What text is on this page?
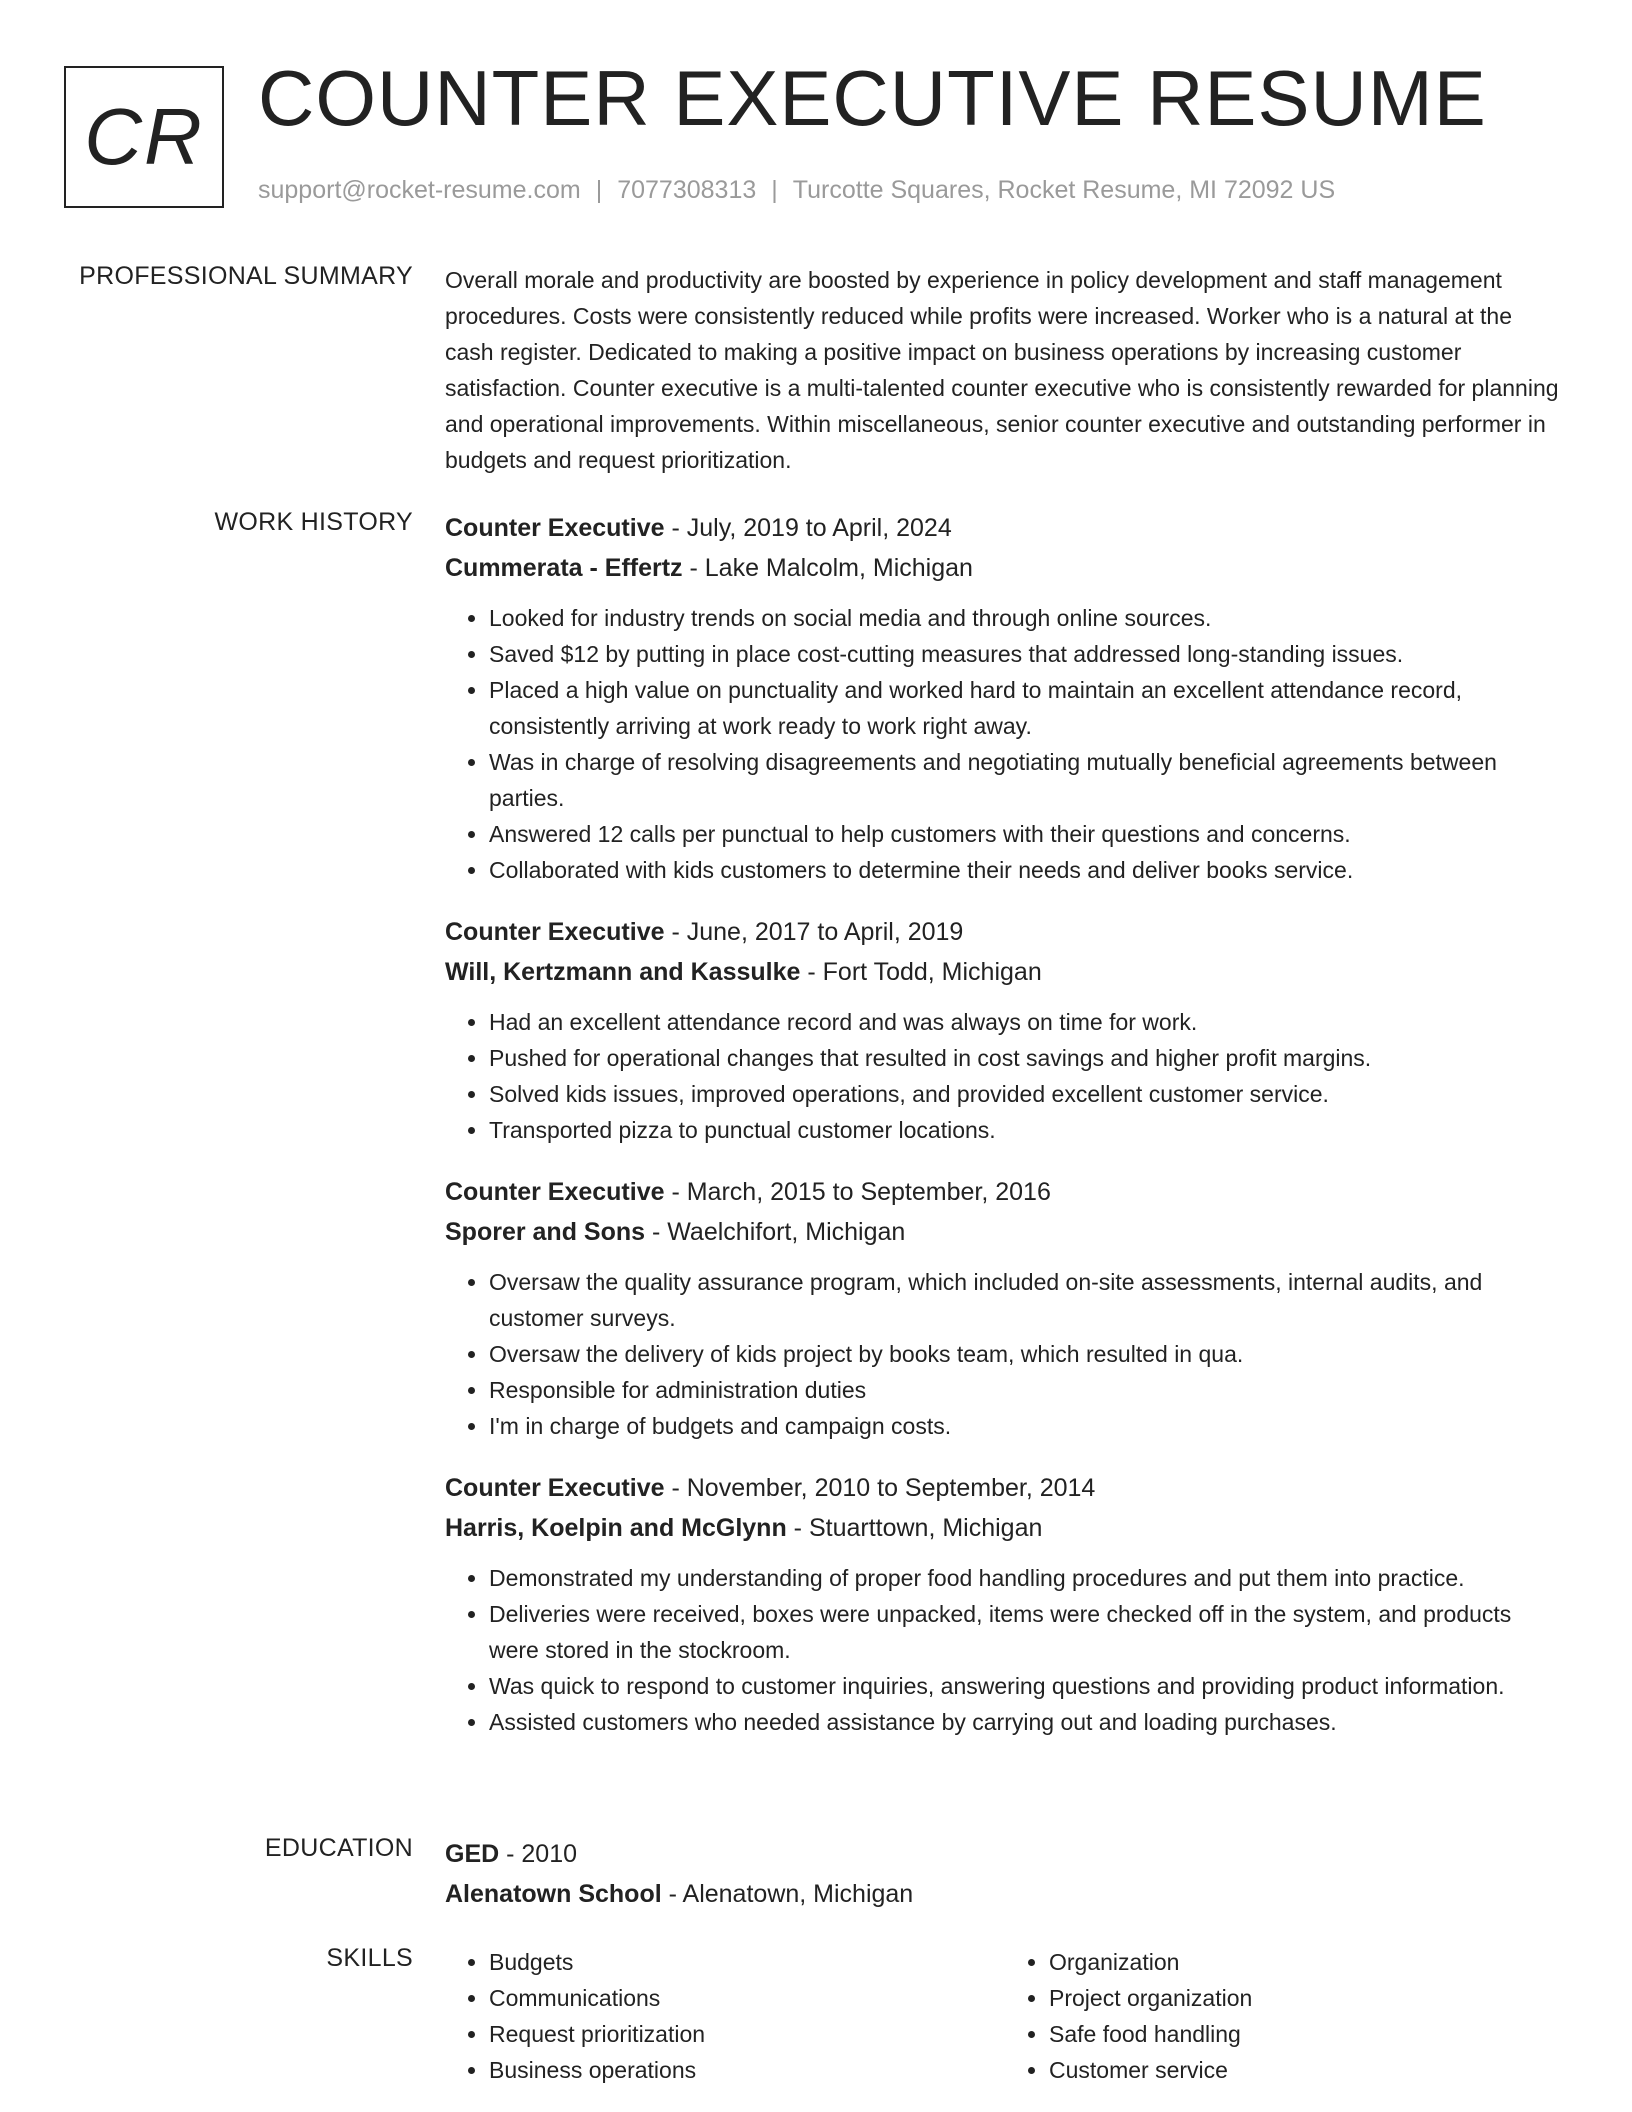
CR COUNTER EXECUTIVE RESUME
support@rocket-resume.com | 7077308313 | Turcotte Squares, Rocket Resume, MI 72092 US
PROFESSIONAL SUMMARY Overall morale and productivity are boosted by experience in policy development and staff management procedures. Costs were consistently reduced while profits were increased. Worker who is a natural at the cash register. Dedicated to making a positive impact on business operations by increasing customer satisfaction. Counter executive is a multi-talented counter executive who is consistently rewarded for planning and operational improvements. Within miscellaneous, senior counter executive and outstanding performer in budgets and request prioritization.

WORK HISTORY Counter Executive - July, 2019 to April, 2024
Cummerata - Effertz - Lake Malcolm, Michigan
• Looked for industry trends on social media and through online sources.
• Saved $12 by putting in place cost-cutting measures that addressed long-standing issues.
• Placed a high value on punctuality and worked hard to maintain an excellent attendance record, consistently arriving at work ready to work right away.
• Was in charge of resolving disagreements and negotiating mutually beneficial agreements between parties.
• Answered 12 calls per punctual to help customers with their questions and concerns.
• Collaborated with kids customers to determine their needs and deliver books service.
Counter Executive - June, 2017 to April, 2019
Will, Kertzmann and Kassulke - Fort Todd, Michigan
• Had an excellent attendance record and was always on time for work.
• Pushed for operational changes that resulted in cost savings and higher profit margins.
• Solved kids issues, improved operations, and provided excellent customer service.
• Transported pizza to punctual customer locations.
Counter Executive - March, 2015 to September, 2016
Sporer and Sons - Waelchifort, Michigan
• Oversaw the quality assurance program, which included on-site assessments, internal audits, and customer surveys.
• Oversaw the delivery of kids project by books team, which resulted in qua.
• Responsible for administration duties
• I'm in charge of budgets and campaign costs.
Counter Executive - November, 2010 to September, 2014
Harris, Koelpin and McGlynn - Stuarttown, Michigan
• Demonstrated my understanding of proper food handling procedures and put them into practice.
• Deliveries were received, boxes were unpacked, items were checked off in the system, and products were stored in the stockroom.
• Was quick to respond to customer inquiries, answering questions and providing product information.
• Assisted customers who needed assistance by carrying out and loading purchases.
EDUCATION GED - 2010
Alenatown School - Alenatown, Michigan
SKILLS
•	Budgets
• Communications
• Request prioritization
• Business operations
• Organization
• Project organization
• Safe food handling
• Customer service
